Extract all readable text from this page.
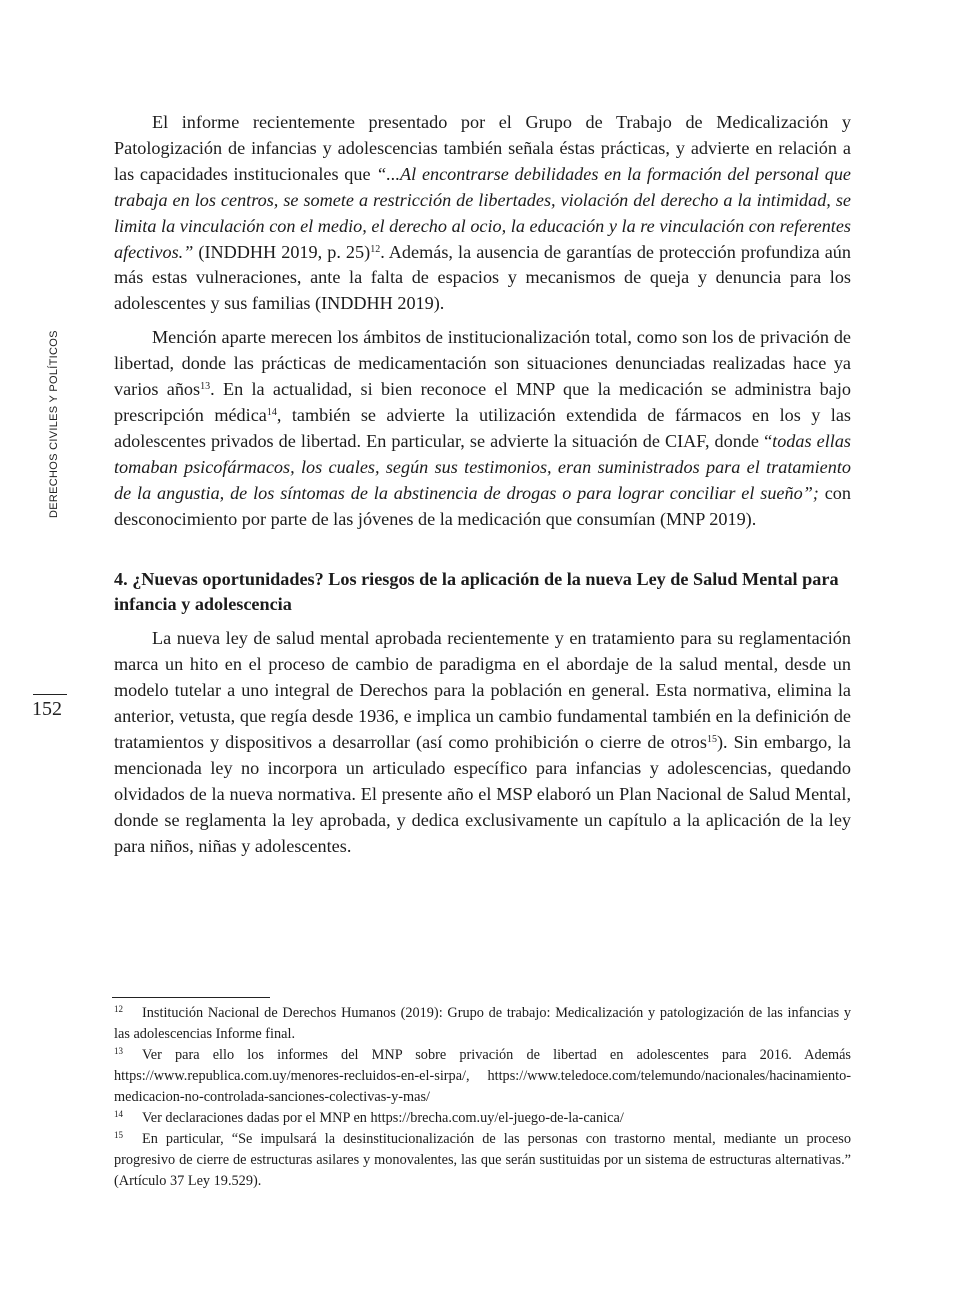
DERECHOS CIVILES Y POLÍTICOS
152

El informe recientemente presentado por el Grupo de Trabajo de Medicalización y Patologización de infancias y adolescencias también señala éstas prácticas, y advierte en relación a las capacidades institucionales que “...Al encontrarse debilidades en la formación del personal que trabaja en los centros, se somete a restricción de libertades, violación del derecho a la intimidad, se limita la vinculación con el medio, el derecho al ocio, la educación y la re vinculación con referentes afectivos.” (INDDHH 2019, p. 25)$^{12}$. Además, la ausencia de garantías de protección profundiza aún más estas vulneraciones, ante la falta de espacios y mecanismos de queja y denuncia para los adolescentes y sus familias (INDDHH 2019).

Mención aparte merecen los ámbitos de institucionalización total, como son los de privación de libertad, donde las prácticas de medicamentación son situaciones denunciadas realizadas hace ya varios años$^{13}$. En la actualidad, si bien reconoce el MNP que la medicación se administra bajo prescripción médica$^{14}$, también se advierte la utilización extendida de fármacos en los y las adolescentes privados de libertad. En particular, se advierte la situación de CIAF, donde “todas ellas tomaban psicofármacos, los cuales, según sus testimonios, eran suministrados para el tratamiento de la angustia, de los síntomas de la abstinencia de drogas o para lograr conciliar el sueño”; con desconocimiento por parte de las jóvenes de la medicación que consumían (MNP 2019).

4. ¿Nuevas oportunidades? Los riesgos de la aplicación de la nueva Ley de Salud Mental para infancia y adolescencia

La nueva ley de salud mental aprobada recientemente y en tratamiento para su reglamentación marca un hito en el proceso de cambio de paradigma en el abordaje de la salud mental, desde un modelo tutelar a uno integral de Derechos para la población en general. Esta normativa, elimina la anterior, vetusta, que regía desde 1936, e implica un cambio fundamental también en la definición de tratamientos y dispositivos a desarrollar (así como prohibición o cierre de otros$^{15}$). Sin embargo, la mencionada ley no incorpora un articulado específico para infancias y adolescencias, quedando olvidados de la nueva normativa. El presente año el MSP elaboró un Plan Nacional de Salud Mental, donde se reglamenta la ley aprobada, y dedica exclusivamente un capítulo a la aplicación de la ley para niños, niñas y adolescentes.

12 Institución Nacional de Derechos Humanos (2019): Grupo de trabajo: Medicalización y patologización de las infancias y las adolescencias Informe final.

13 Ver para ello los informes del MNP sobre privación de libertad en adolescentes para 2016. Además https://www.republica.com.uy/menores-recluidos-en-el-sirpa/, https://www.teledoce.com/telemundo/nacionales/hacinamiento-medicacion-no-controlada-sanciones-colectivas-y-mas/

14 Ver declaraciones dadas por el MNP en https://brecha.com.uy/el-juego-de-la-canica/

15 En particular, “Se impulsará la desinstitucionalización de las personas con trastorno mental, mediante un proceso progresivo de cierre de estructuras asilares y monovalentes, las que serán sustituidas por un sistema de estructuras alternativas.” (Artículo 37 Ley 19.529).
